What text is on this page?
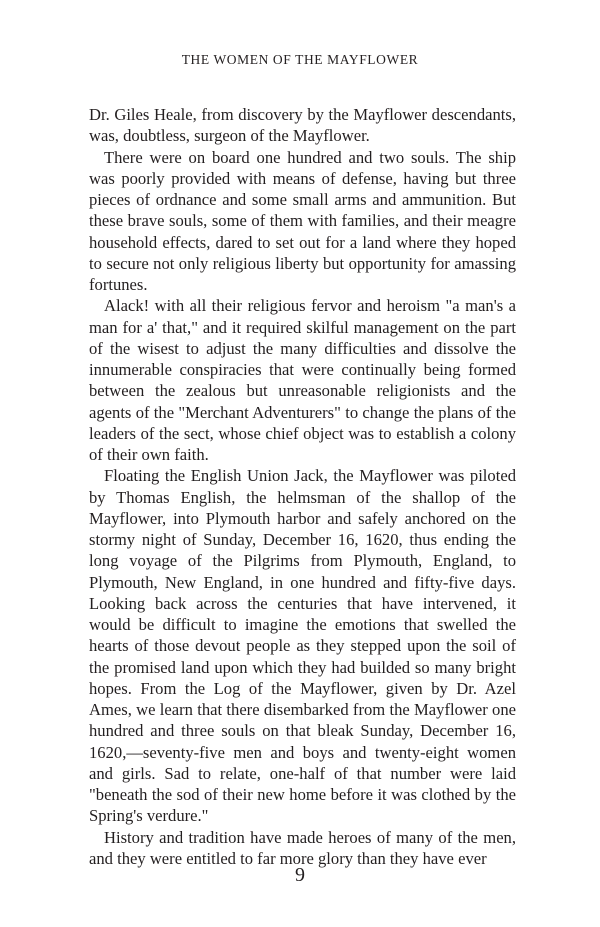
THE WOMEN OF THE MAYFLOWER

Dr. Giles Heale, from discovery by the Mayflower descendants, was, doubtless, surgeon of the Mayflower.

There were on board one hundred and two souls. The ship was poorly provided with means of defense, having but three pieces of ordnance and some small arms and ammunition. But these brave souls, some of them with families, and their meagre household effects, dared to set out for a land where they hoped to secure not only religious liberty but opportunity for amassing fortunes.

Alack! with all their religious fervor and heroism "a man's a man for a' that," and it required skilful management on the part of the wisest to adjust the many difficulties and dissolve the innumerable conspiracies that were continually being formed between the zealous but unreasonable religionists and the agents of the "Merchant Adventurers" to change the plans of the leaders of the sect, whose chief object was to establish a colony of their own faith.

Floating the English Union Jack, the Mayflower was piloted by Thomas English, the helmsman of the shallop of the Mayflower, into Plymouth harbor and safely anchored on the stormy night of Sunday, December 16, 1620, thus ending the long voyage of the Pilgrims from Plymouth, England, to Plymouth, New England, in one hundred and fifty-five days. Looking back across the centuries that have intervened, it would be difficult to imagine the emotions that swelled the hearts of those devout people as they stepped upon the soil of the promised land upon which they had builded so many bright hopes. From the Log of the Mayflower, given by Dr. Azel Ames, we learn that there disembarked from the Mayflower one hundred and three souls on that bleak Sunday, December 16, 1620,—seventy-five men and boys and twenty-eight women and girls. Sad to relate, one-half of that number were laid "beneath the sod of their new home before it was clothed by the Spring's verdure."

History and tradition have made heroes of many of the men, and they were entitled to far more glory than they have ever

9
